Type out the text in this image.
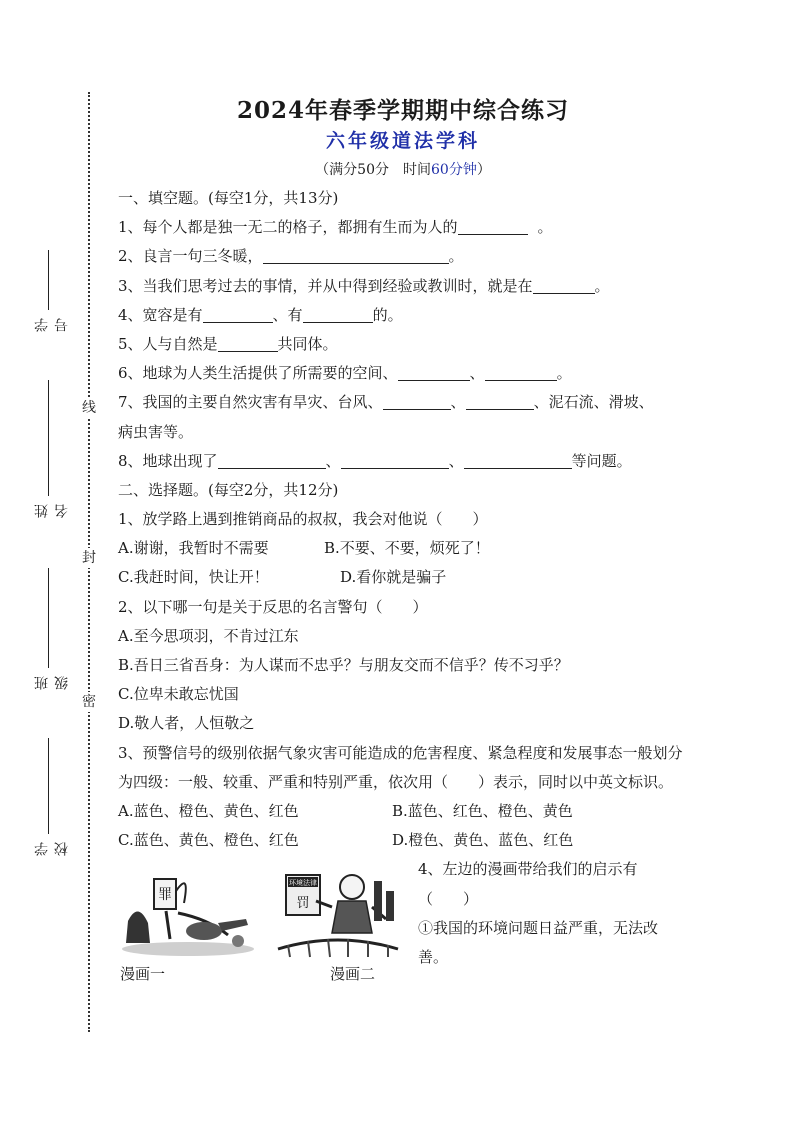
线
封
密
学号
姓名
班级
学校
2024年春季学期期中综合练习
六年级道法学科
（满分50分　时间60分钟）
一、填空题。(每空1分，共13分)
1、每个人都是独一无二的格子，都拥有生而为人的	。
2、良言一句三冬暖，	。
3、当我们思考过去的事情，并从中得到经验或教训时，就是在	。
4、宽容是有	、有	的。
5、人与自然是	共同体。
6、地球为人类生活提供了所需要的空间、	、	。
7、我国的主要自然灾害有旱灾、台风、	、	、泥石流、滑坡、
病虫害等。
8、地球出现了	、	、	等问题。
二、选择题。(每空2分，共12分)
1、放学路上遇到推销商品的叔叔，我会对他说（　　）
A.谢谢，我暂时不需要	B.不要、不要，烦死了！
C.我赶时间，快让开！	D.看你就是骗子
2、以下哪一句是关于反思的名言警句（　　）
A.至今思项羽，不肯过江东
B.吾日三省吾身：为人谋而不忠乎？与朋友交而不信乎？传不习乎？
C.位卑未敢忘忧国
D.敬人者，人恒敬之
3、预警信号的级别依据气象灾害可能造成的危害程度、紧急程度和发展事态一般划分为四级：一般、较重、严重和特别严重，依次用（　　）表示，同时以中英文标识。
A.蓝色、橙色、黄色、红色	B.蓝色、红色、橙色、黄色
C.蓝色、黄色、橙色、红色	D.橙色、黄色、蓝色、红色
罪
漫画一
环境法律
罚
漫画二
4、左边的漫画带给我们的启示有（　　）
①我国的环境问题日益严重，无法改善。
